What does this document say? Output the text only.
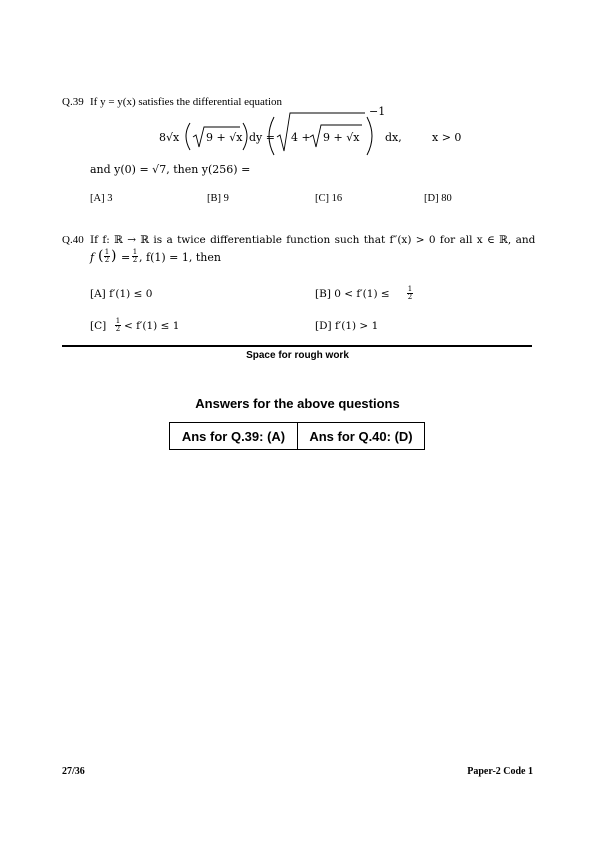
Q.39 If y = y(x) satisfies the differential equation
8√x 9 + √x dy = 4 + 9 + √x
−1
dx,	x > 0
and y(0) = √7, then y(256) =
[A] 3	[B] 9	[C] 16	[D] 80
Q.40 If f: ℝ → ℝ is a twice differentiable function such that f″(x) > 0 for all x ∈ ℝ, and
f ( 1
2 ) = 1
2 , f(1) = 1, then
[A] f′(1) ≤ 0	[B] 0 < f′(1) ≤	1
2
[C] 1
2 < f′(1) ≤ 1	[D] f′(1) > 1
Space for rough work
Answers for the above questions
Ans for Q.39: (A)	Ans for Q.40: (D)
27/36	Paper-2 Code 1
